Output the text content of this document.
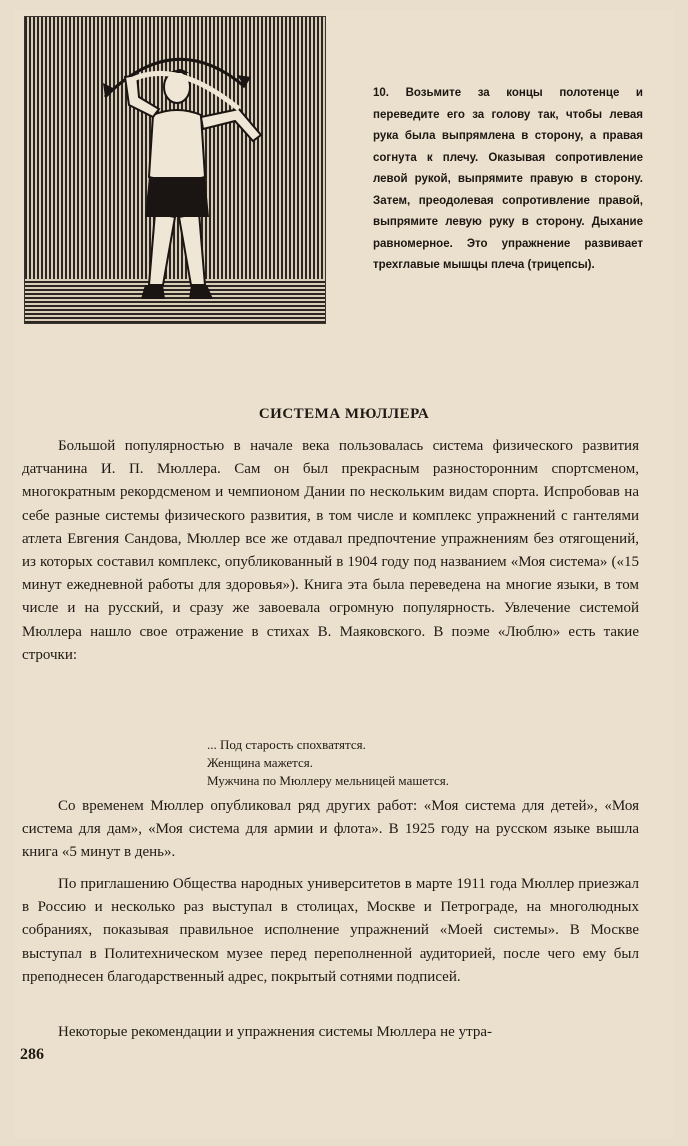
10. Возьмите за концы полотенце и переведите его за голову так, чтобы левая рука была выпрямлена в сторону, а правая согнута к плечу. Оказывая сопротивление левой рукой, выпрямите правую в сторону. Затем, преодолевая сопротивление правой, выпрямите левую руку в сторону. Дыхание равномерное. Это упражнение развивает трехглавые мышцы плеча (трицепсы).
СИСТЕМА МЮЛЛЕРА
Большой популярностью в начале века пользовалась система физического развития датчанина И. П. Мюллера. Сам он был прекрасным разносторонним спортсменом, многократным рекордсменом и чемпионом Дании по нескольким видам спорта. Испробовав на себе разные системы физического развития, в том числе и комплекс упражнений с гантелями атлета Евгения Сандова, Мюллер все же отдавал предпочтение упражнениям без отягощений, из которых составил комплекс, опубликованный в 1904 году под названием «Моя система» («15 минут ежедневной работы для здоровья»). Книга эта была переведена на многие языки, в том числе и на русский, и сразу же завоевала огромную популярность. Увлечение системой Мюллера нашло свое отражение в стихах В. Маяковского. В поэме «Люблю» есть такие строчки:
... Под старость спохватятся.
Женщина мажется.
Мужчина по Мюллеру мельницей машется.
Со временем Мюллер опубликовал ряд других работ: «Моя система для детей», «Моя система для дам», «Моя система для армии и флота». В 1925 году на русском языке вышла книга «5 минут в день».
По приглашению Общества народных университетов в марте 1911 года Мюллер приезжал в Россию и несколько раз выступал в столицах, Москве и Петрограде, на многолюдных собраниях, показывая правильное исполнение упражнений «Моей системы». В Москве выступал в Политехническом музее перед переполненной аудиторией, после чего ему был преподнесен благодарственный адрес, покрытый сотнями подписей.
Некоторые рекомендации и упражнения системы Мюллера не утра-
286
